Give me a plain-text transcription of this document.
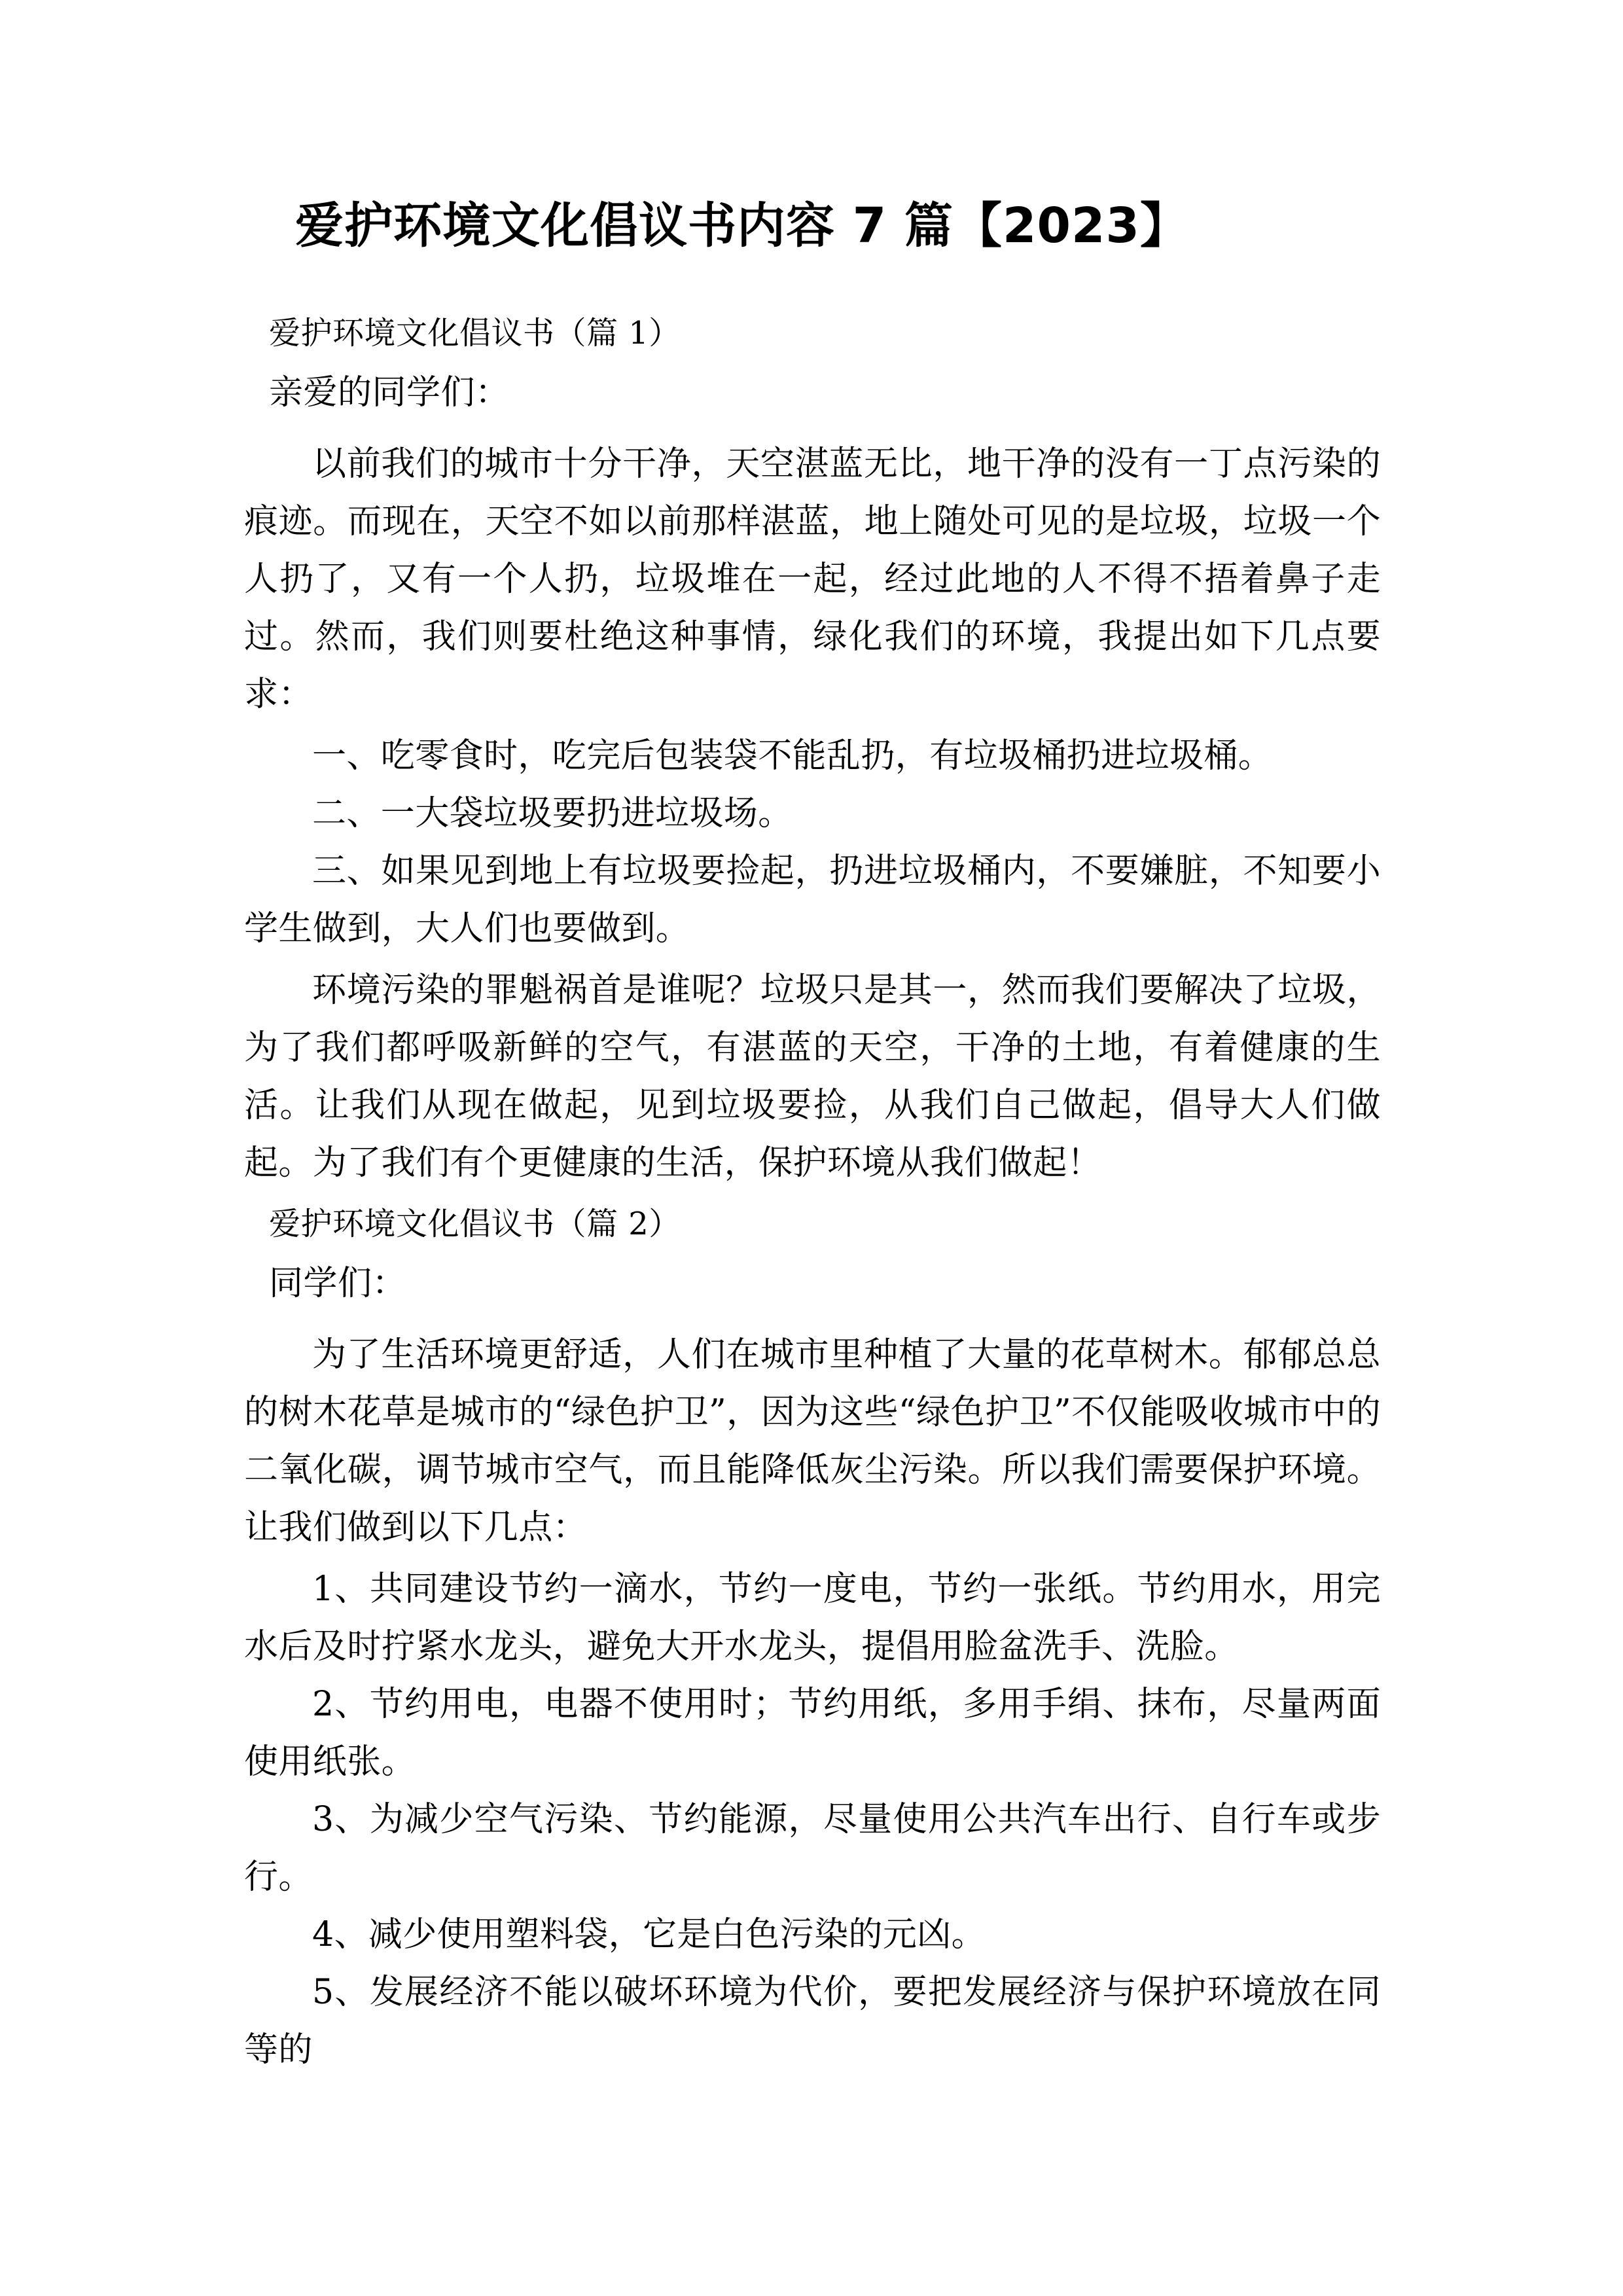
爱护环境文化倡议书内容 7 篇【2023】
爱护环境文化倡议书（篇 1）
亲爱的同学们：

以前我们的城市十分干净，天空湛蓝无比，地干净的没有一丁点污染的痕迹。而现在，天空不如以前那样湛蓝，地上随处可见的是垃圾，垃圾一个人扔了，又有一个人扔，垃圾堆在一起，经过此地的人不得不捂着鼻子走过。然而，我们则要杜绝这种事情，绿化我们的环境，我提出如下几点要求：

一、吃零食时，吃完后包装袋不能乱扔，有垃圾桶扔进垃圾桶。

二、一大袋垃圾要扔进垃圾场。

三、如果见到地上有垃圾要捡起，扔进垃圾桶内，不要嫌脏，不知要小学生做到，大人们也要做到。

环境污染的罪魁祸首是谁呢？垃圾只是其一，然而我们要解决了垃圾，为了我们都呼吸新鲜的空气，有湛蓝的天空，干净的土地，有着健康的生活。让我们从现在做起，见到垃圾要捡，从我们自己做起，倡导大人们做起。为了我们有个更健康的生活，保护环境从我们做起！

爱护环境文化倡议书（篇 2）
同学们：

为了生活环境更舒适，人们在城市里种植了大量的花草树木。郁郁总总的树木花草是城市的“绿色护卫”，因为这些“绿色护卫”不仅能吸收城市中的二氧化碳，调节城市空气，而且能降低灰尘污染。所以我们需要保护环境。让我们做到以下几点：

1、共同建设节约一滴水，节约一度电，节约一张纸。节约用水，用完水后及时拧紧水龙头，避免大开水龙头，提倡用脸盆洗手、洗脸。

2、节约用电，电器不使用时；节约用纸，多用手绢、抹布，尽量两面使用纸张。

3、为减少空气污染、节约能源，尽量使用公共汽车出行、自行车或步行。

4、减少使用塑料袋，它是白色污染的元凶。

5、发展经济不能以破坏环境为代价，要把发展经济与保护环境放在同等的
